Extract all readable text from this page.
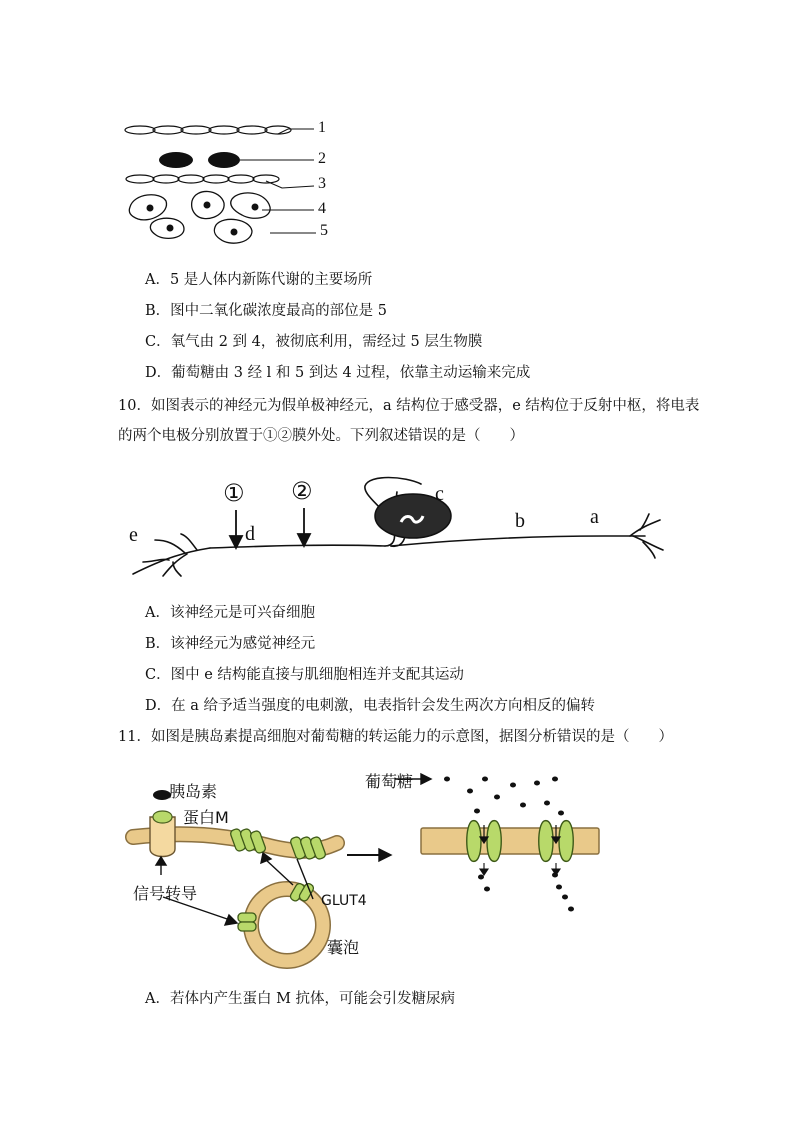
1
2
3
4
5
A．5 是人体内新陈代谢的主要场所
B．图中二氧化碳浓度最高的部位是 5
C．氧气由 2 到 4，被彻底利用，需经过 5 层生物膜
D．葡萄糖由 3 经 l 和 5 到达 4 过程，依靠主动运输来完成
10．如图表示的神经元为假单极神经元，a 结构位于感受器，e 结构位于反射中枢，将电表
的两个电极分别放置于①②膜外处。下列叙述错误的是（　　）
① ②	c
d
e
b	a
A．该神经元是可兴奋细胞
B．该神经元为感觉神经元
C．图中 e 结构能直接与肌细胞相连并支配其运动
D．在 a 给予适当强度的电刺激，电表指针会发生两次方向相反的偏转
11．如图是胰岛素提高细胞对葡萄糖的转运能力的示意图，据图分析错误的是（　　）
胰岛素
蛋白M
信号转导	GLUT4
囊泡
葡萄糖
A．若体内产生蛋白 M 抗体，可能会引发糖尿病
